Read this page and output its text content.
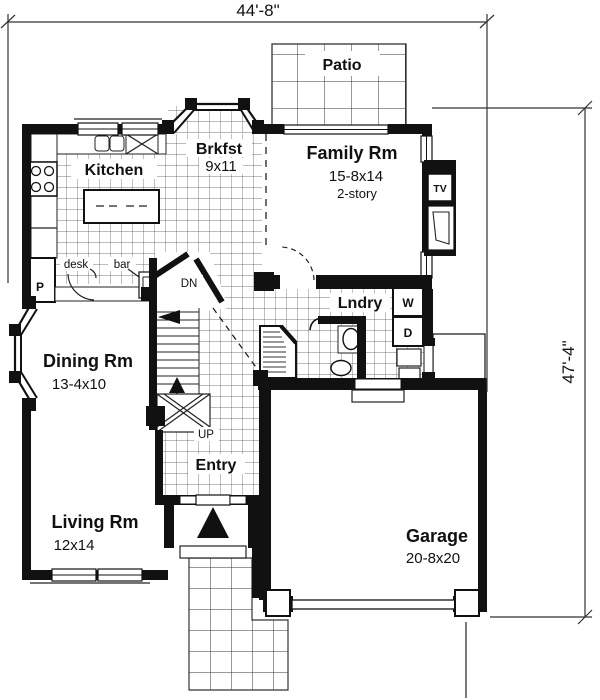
44'-8"
47'-4"
Patio
Brkfst
9x11
Family Rm
15-8x14
2-story
Kitchen
Lndry
Dining Rm
13-4x10
Entry
Living Rm
12x14	Garage
20-8x20
TV
W
D
P
desk bar
DN
UP
